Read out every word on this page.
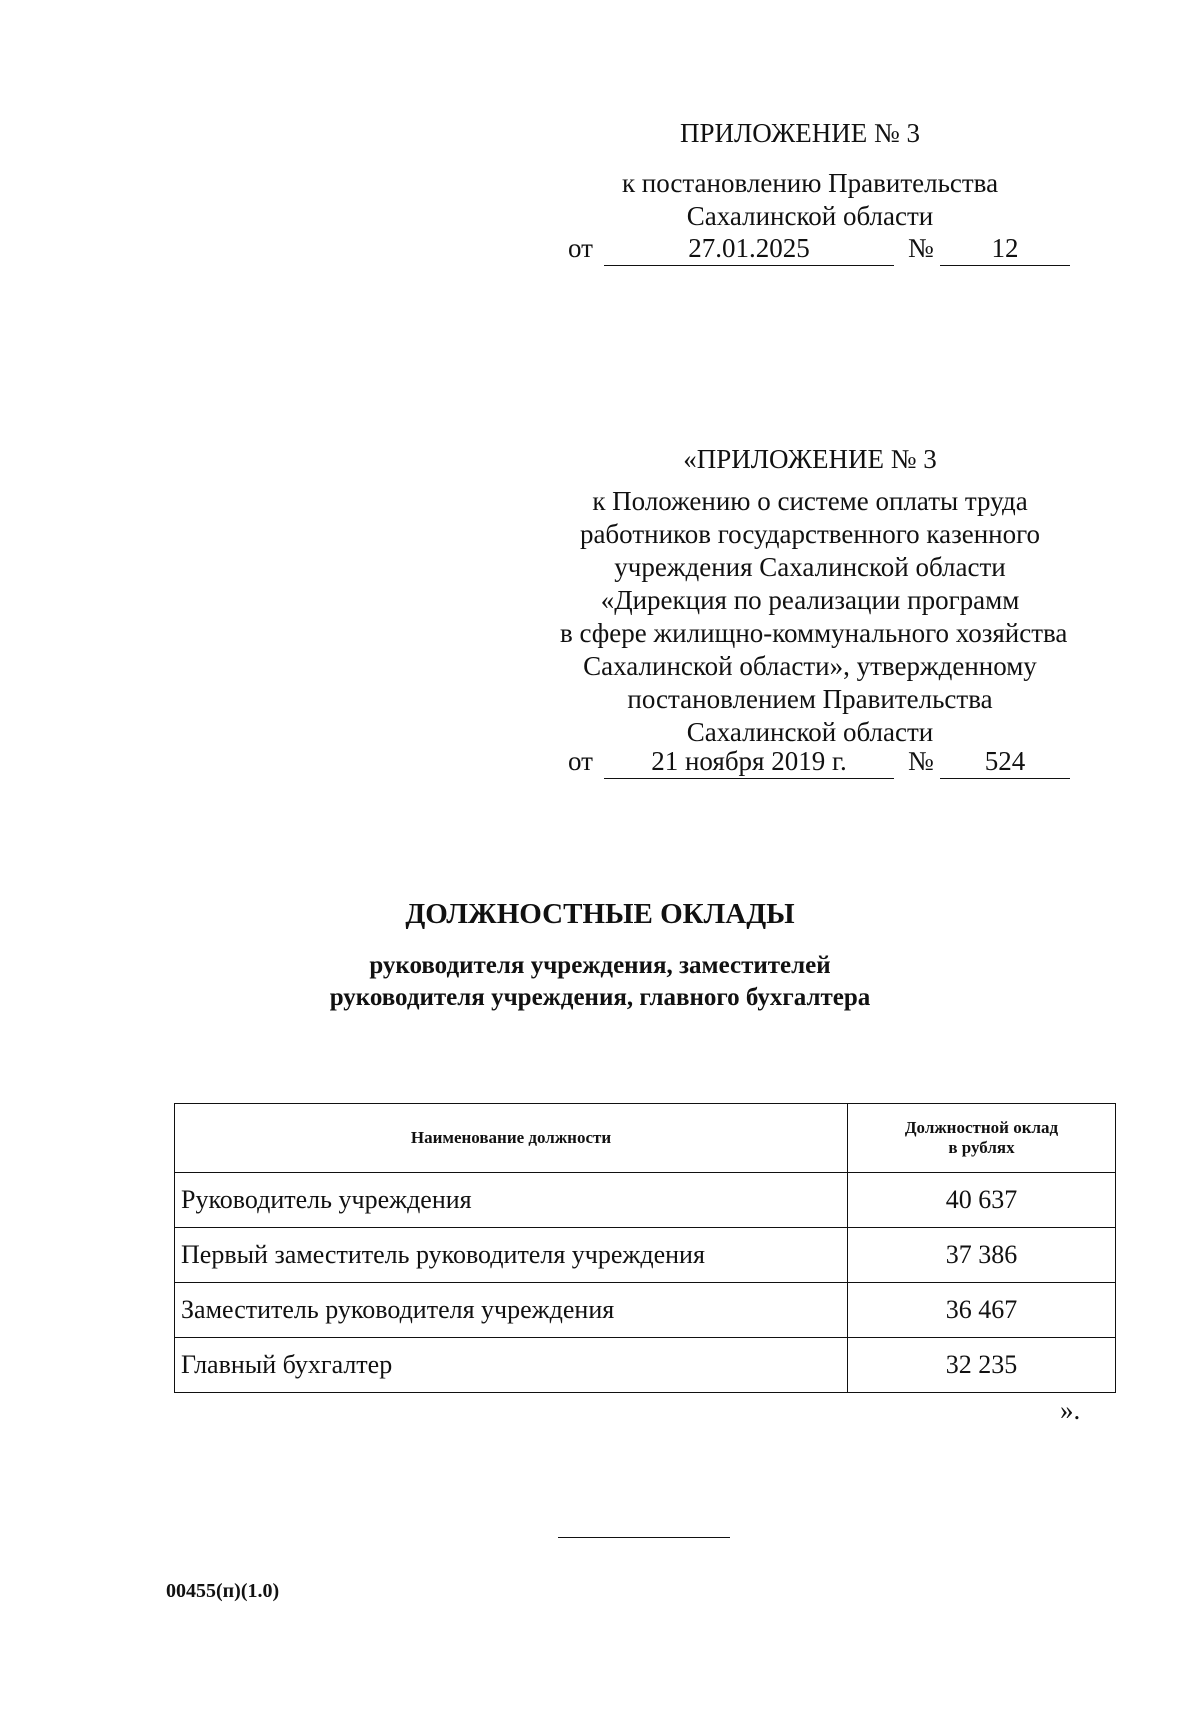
ПРИЛОЖЕНИЕ № 3
к постановлению Правительства
Сахалинской области
от	27.01.2025	№	12
«ПРИЛОЖЕНИЕ № 3
к Положению о системе оплаты труда
работников государственного казенного
учреждения Сахалинской области
«Дирекция по реализации программ
в сфере жилищно-коммунального хозяйства
Сахалинской области», утвержденному
постановлением Правительства
Сахалинской области
от	21 ноября 2019 г.	№	524
ДОЛЖНОСТНЫЕ ОКЛАДЫ
руководителя учреждения, заместителей
руководителя учреждения, главного бухгалтера
Наименование должности	Должностной оклад
в рублях
Руководитель учреждения	40 637
Первый заместитель руководителя учреждения	37 386
Заместитель руководителя учреждения	36 467
Главный бухгалтер	32 235
».
00455(п)(1.0)
